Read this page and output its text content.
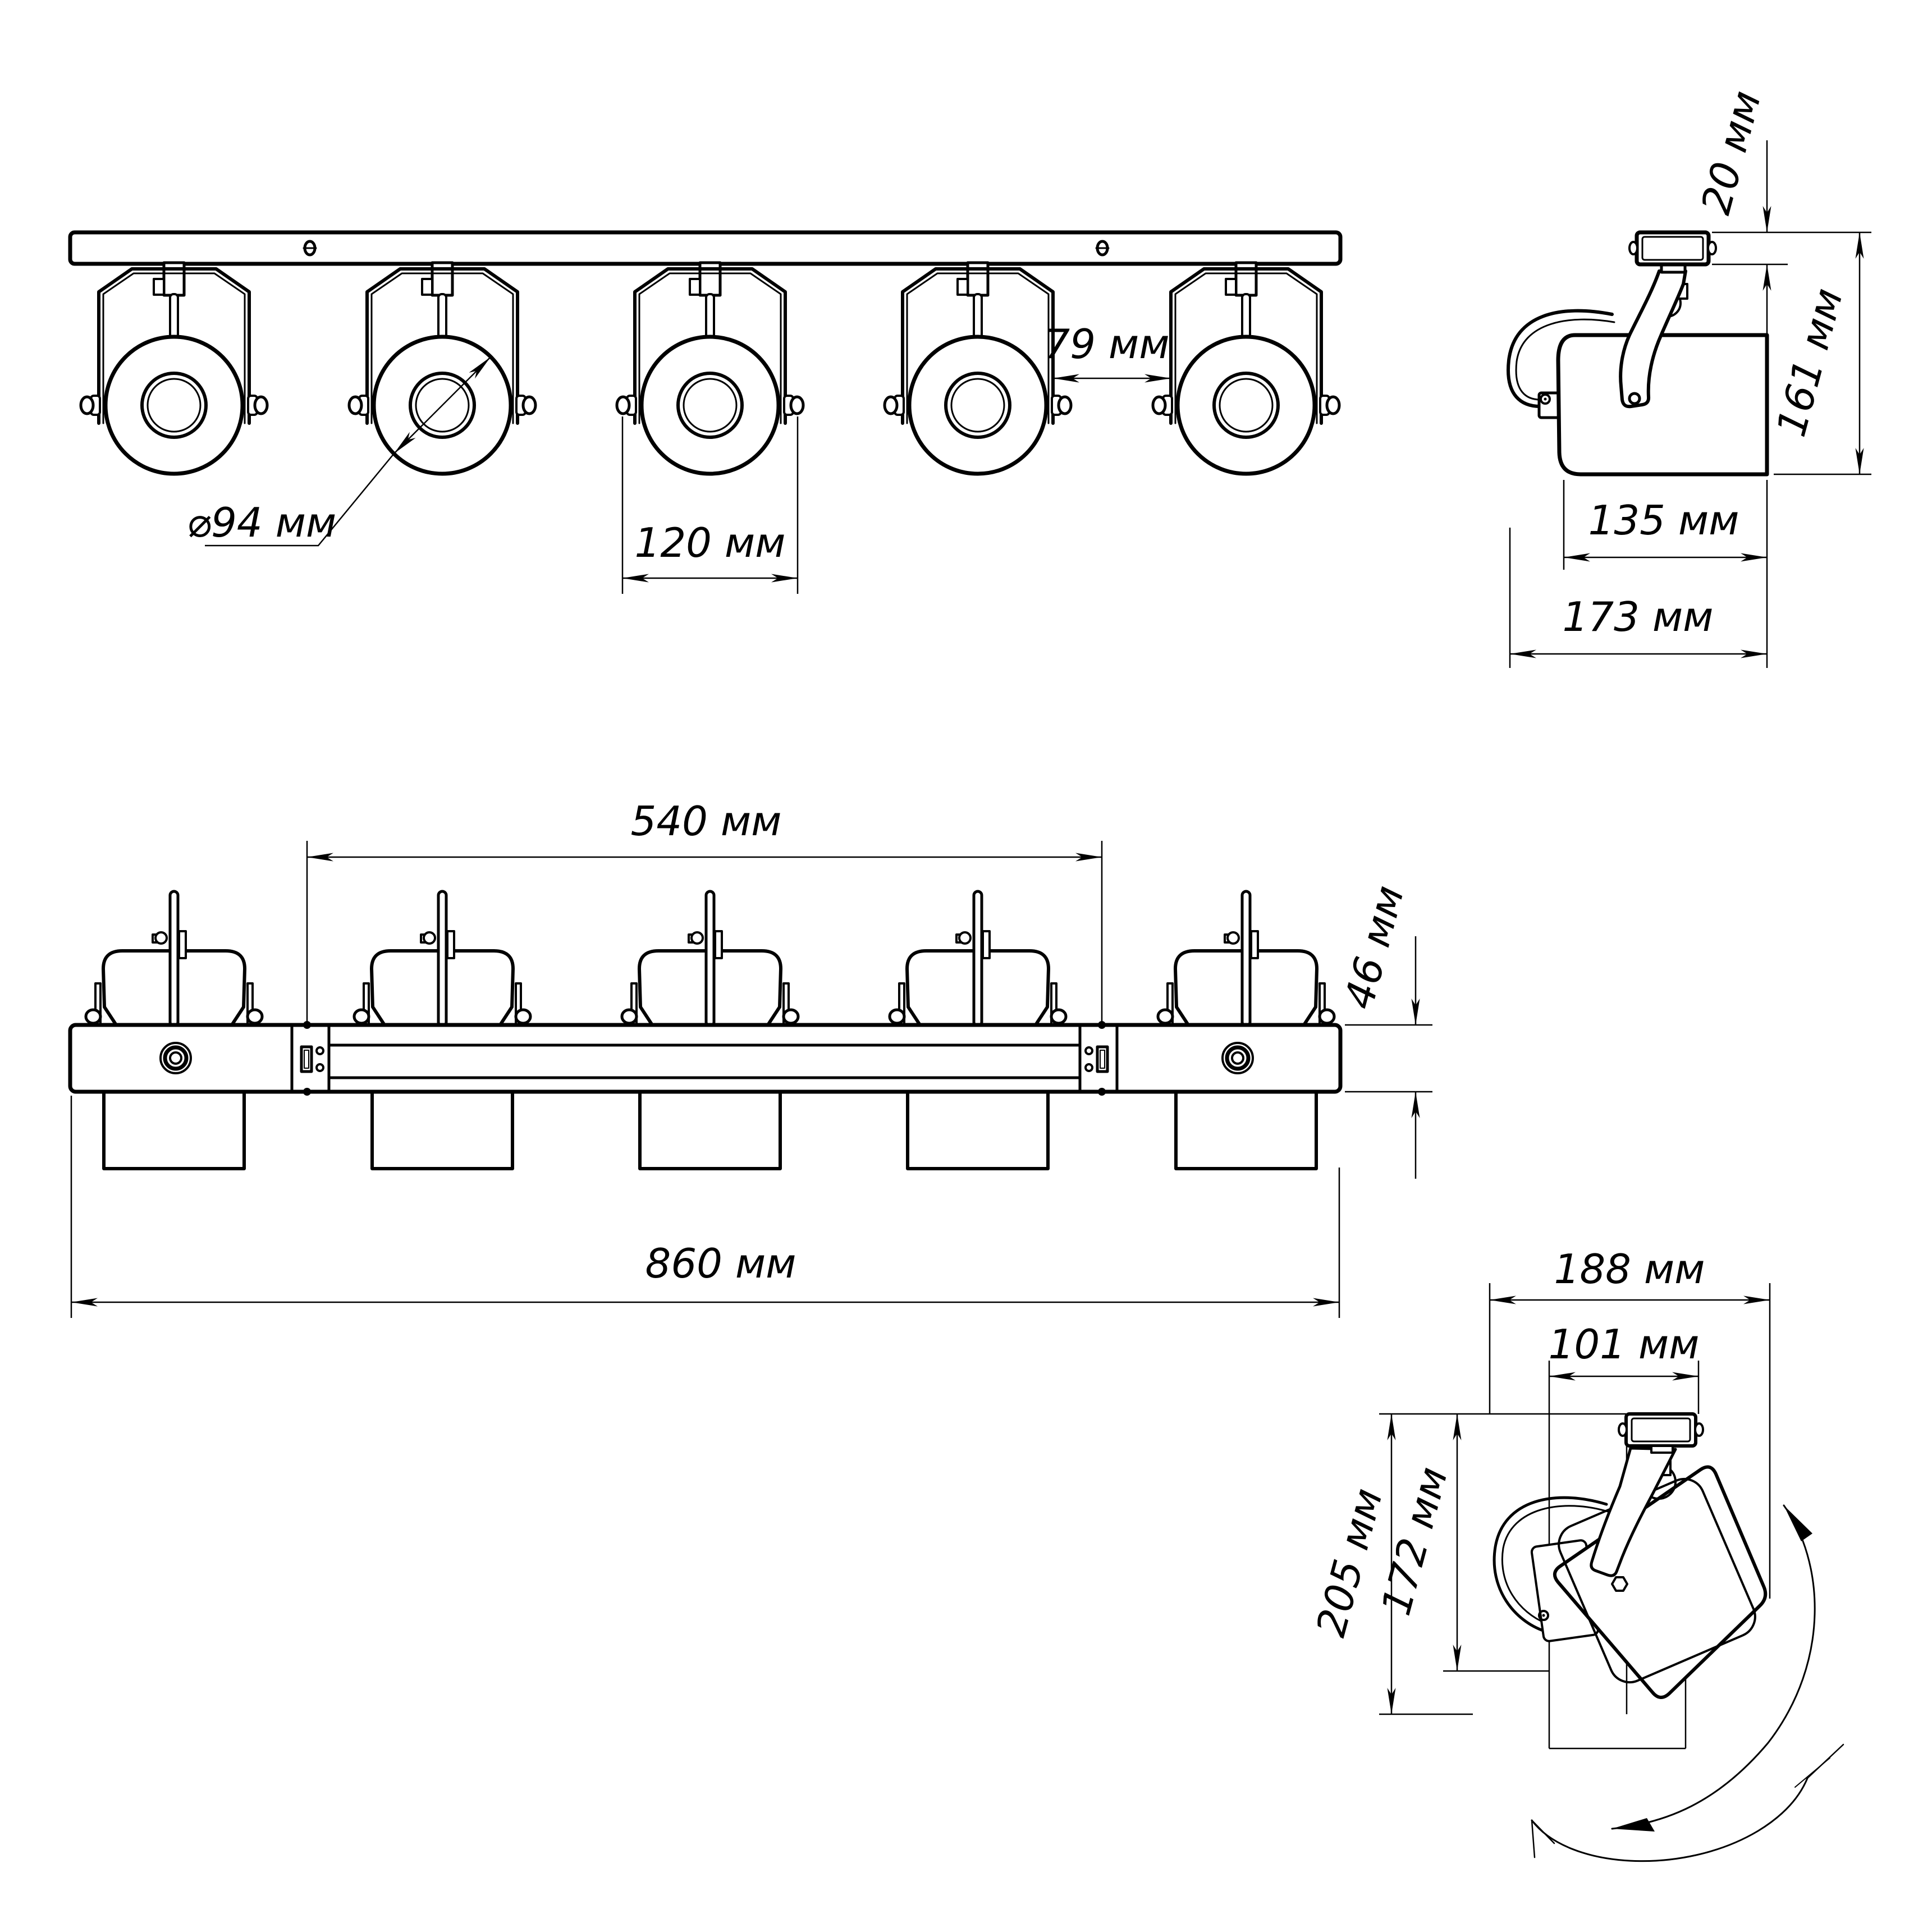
⌀94 мм	120 мм
79 мм
20 мм
161 мм
135 мм
173 мм
540 мм
46 мм
860 мм	188 мм
101 мм
205 мм
172 мм
